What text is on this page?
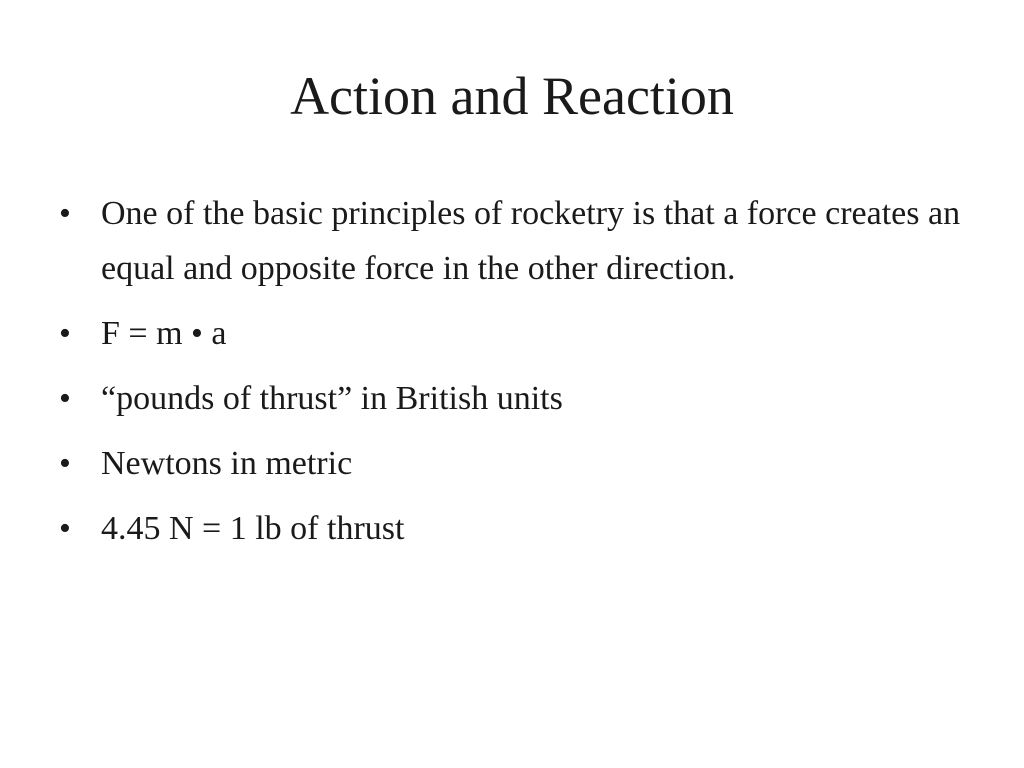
Action and Reaction
• One of the basic principles of rocketry is that a force creates an equal and opposite force in the other direction.
• F = m • a
• “pounds of thrust” in British units
• Newtons in metric
• 4.45 N = 1 lb of thrust
